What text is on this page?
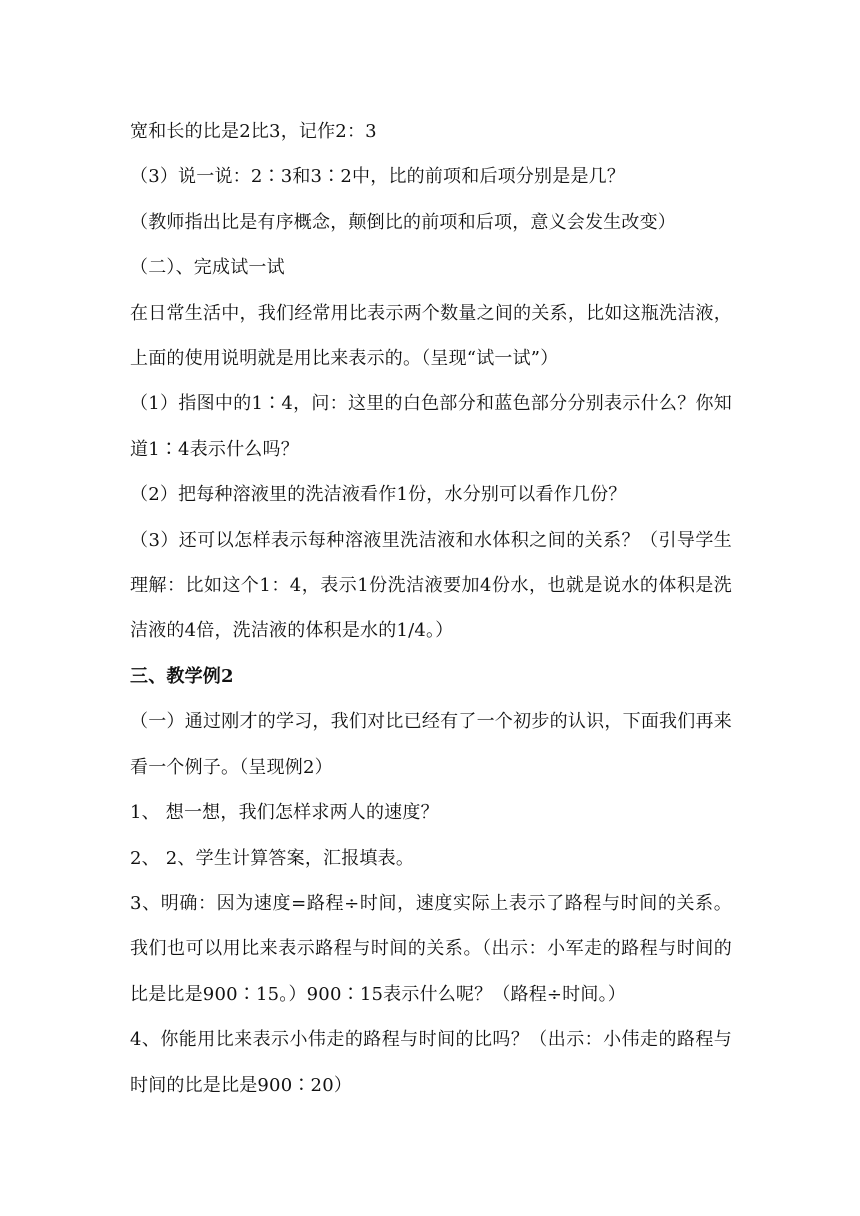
宽和长的比是2比3，记作2：3

（3）说一说：2∶3和3∶2中，比的前项和后项分别是是几？

（教师指出比是有序概念，颠倒比的前项和后项，意义会发生改变）

（二）、完成试一试

在日常生活中，我们经常用比表示两个数量之间的关系，比如这瓶洗洁液，上面的使用说明就是用比来表示的。（呈现“试一试”）

（1）指图中的1∶4，问：这里的白色部分和蓝色部分分别表示什么？你知道1∶4表示什么吗？

（2）把每种溶液里的洗洁液看作1份，水分别可以看作几份？

（3）还可以怎样表示每种溶液里洗洁液和水体积之间的关系？（引导学生理解：比如这个1：4，表示1份洗洁液要加4份水，也就是说水的体积是洗洁液的4倍，洗洁液的体积是水的1/4。）

三、教学例2

（一）通过刚才的学习，我们对比已经有了一个初步的认识，下面我们再来看一个例子。（呈现例2）

1、 想一想，我们怎样求两人的速度？

2、 2、学生计算答案，汇报填表。

3、明确：因为速度=路程÷时间，速度实际上表示了路程与时间的关系。我们也可以用比来表示路程与时间的关系。（出示：小军走的路程与时间的比是比是900∶15。）900∶15表示什么呢？（路程÷时间。）

4、你能用比来表示小伟走的路程与时间的比吗？（出示：小伟走的路程与时间的比是比是900∶20）
